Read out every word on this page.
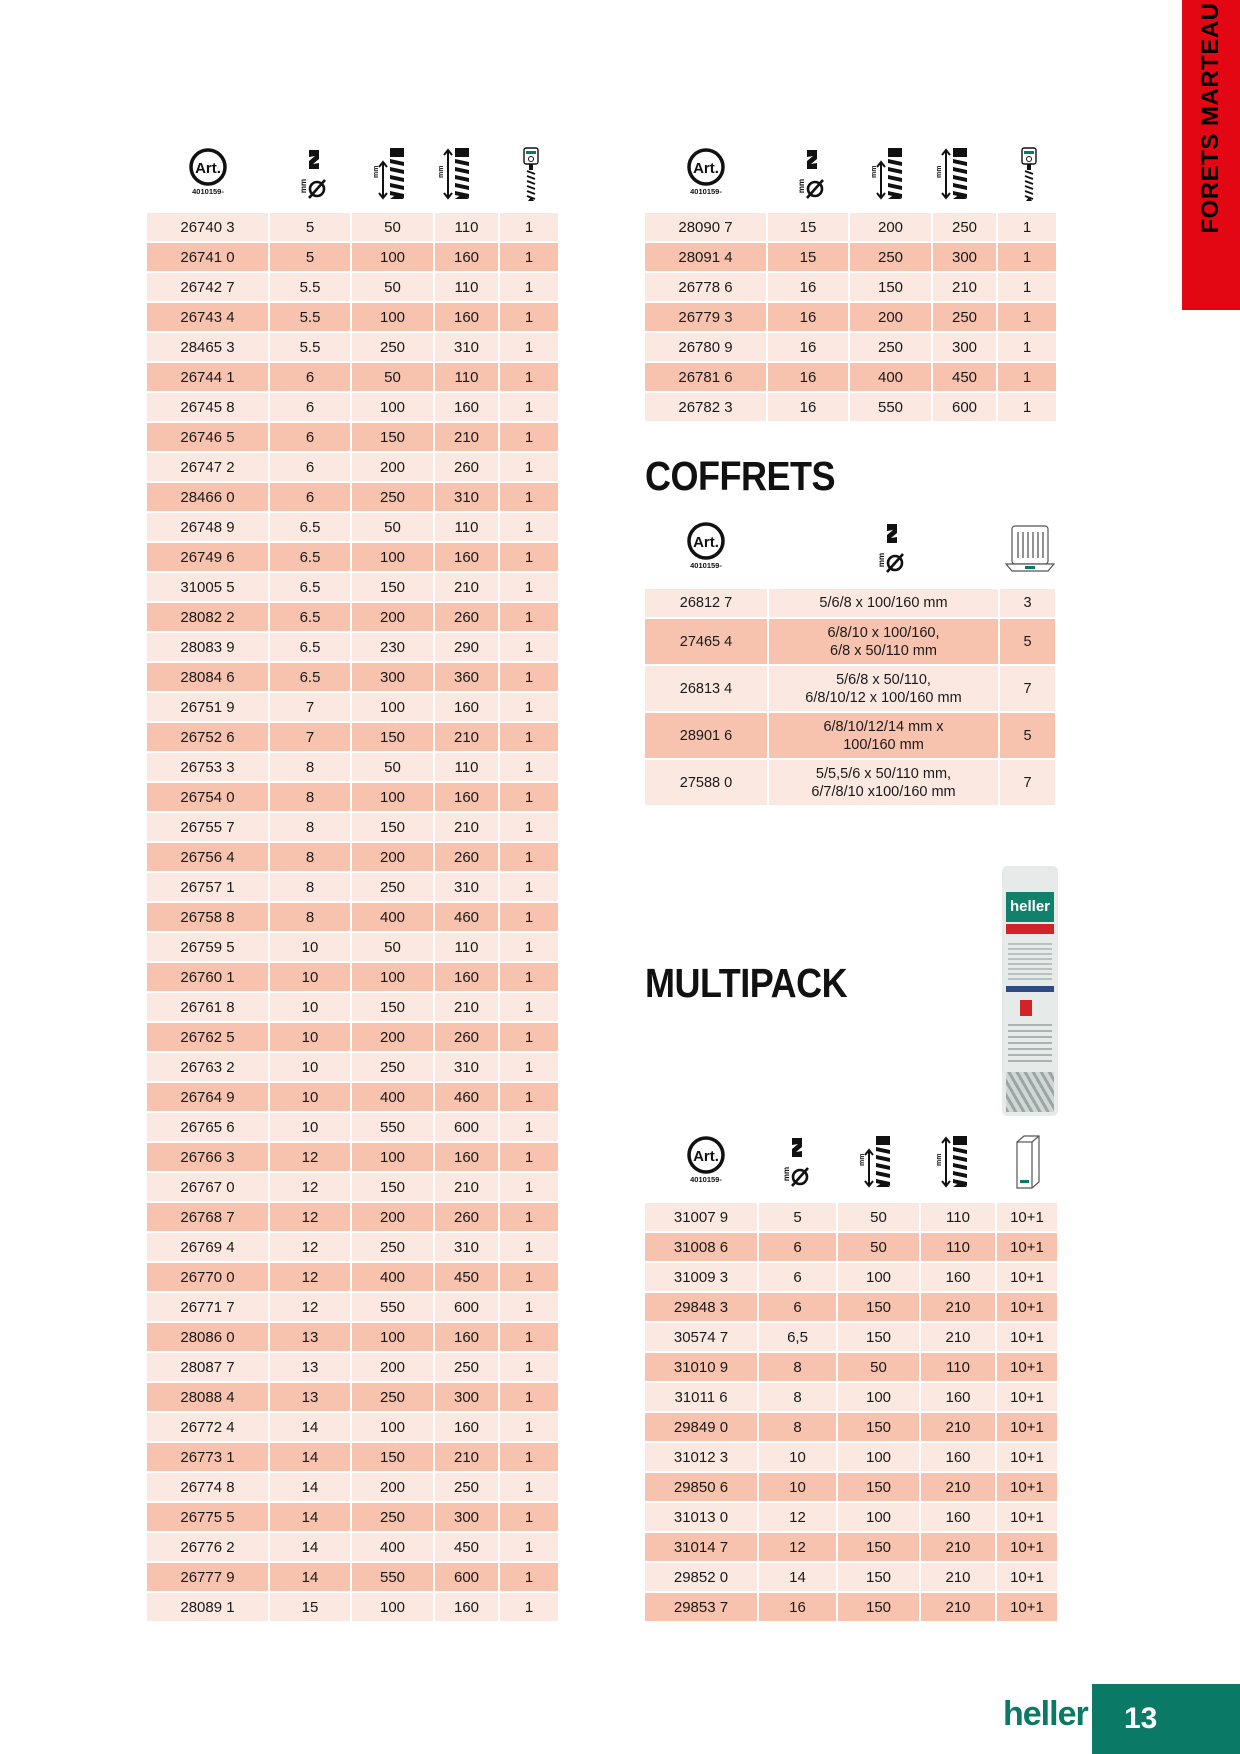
FORETS MARTEAU
Art.
4010159-	mm
mm	mm
26740 3	5	50	110	1
26741 0	5	100	160	1
26742 7	5.5	50	110	1
26743 4	5.5	100	160	1
28465 3	5.5	250	310	1
26744 1	6	50	110	1
26745 8	6	100	160	1
26746 5	6	150	210	1
26747 2	6	200	260	1
28466 0	6	250	310	1
26748 9	6.5	50	110	1
26749 6	6.5	100	160	1
31005 5	6.5	150	210	1
28082 2	6.5	200	260	1
28083 9	6.5	230	290	1
28084 6	6.5	300	360	1
26751 9	7	100	160	1
26752 6	7	150	210	1
26753 3	8	50	110	1
26754 0	8	100	160	1
26755 7	8	150	210	1
26756 4	8	200	260	1
26757 1	8	250	310	1
26758 8	8	400	460	1
26759 5	10	50	110	1
26760 1	10	100	160	1
26761 8	10	150	210	1
26762 5	10	200	260	1
26763 2	10	250	310	1
26764 9	10	400	460	1
26765 6	10	550	600	1
26766 3	12	100	160	1
26767 0	12	150	210	1
26768 7	12	200	260	1
26769 4	12	250	310	1
26770 0	12	400	450	1
26771 7	12	550	600	1
28086 0	13	100	160	1
28087 7	13	200	250	1
28088 4	13	250	300	1
26772 4	14	100	160	1
26773 1	14	150	210	1
26774 8	14	200	250	1
26775 5	14	250	300	1
26776 2	14	400	450	1
26777 9	14	550	600	1
28089 1	15	100	160	1
Art.
4010159-	mm
mm	mm
28090 7	15	200	250	1
28091 4	15	250	300	1
26778 6	16	150	210	1
26779 3	16	200	250	1
26780 9	16	250	300	1
26781 6	16	400	450	1
26782 3	16	550	600	1
COFFRETS
Art.
4010159-	mm
26812 7	5/6/8 x 100/160 mm	3
27465 4	6/8/10 x 100/160,
6/8 x 50/110 mm	5
26813 4	5/6/8 x 50/110,
6/8/10/12 x 100/160 mm	7
28901 6	6/8/10/12/14 mm x
100/160 mm	5
27588 0	5/5,5/6 x 50/110 mm,
6/7/8/10 x100/160 mm	7
MULTIPACK
heller
Art.
4010159-	mm
mm	mm
31007 9	5	50	110	10+1
31008 6	6	50	110	10+1
31009 3	6	100	160	10+1
29848 3	6	150	210	10+1
30574 7	6,5	150	210	10+1
31010 9	8	50	110	10+1
31011 6	8	100	160	10+1
29849 0	8	150	210	10+1
31012 3	10	100	160	10+1
29850 6	10	150	210	10+1
31013 0	12	100	160	10+1
31014 7	12	150	210	10+1
29852 0	14	150	210	10+1
29853 7	16	150	210	10+1
heller	13
